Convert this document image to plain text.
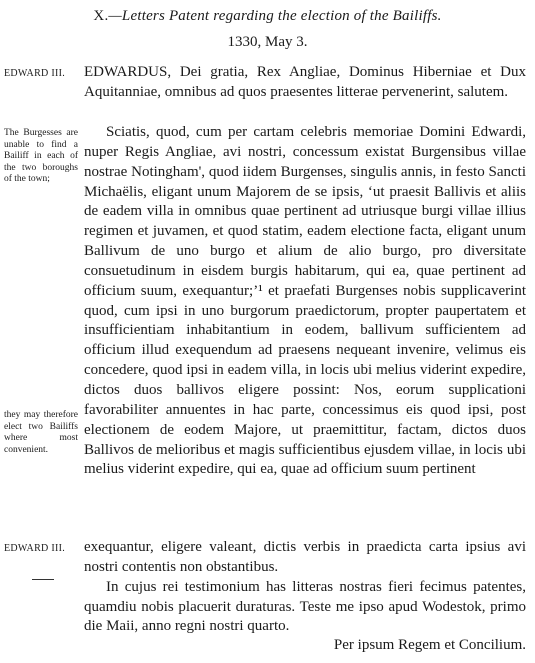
X.—Letters Patent regarding the election of the Bailiffs.
1330, May 3.
EDWARD III.
The Burgesses are unable to find a Bailiff in each of the two boroughs of the town;
they may therefore elect two Bailiffs where most convenient.
EDWARD III.

EDWARDUS, Dei gratia, Rex Angliae, Dominus Hiberniae et Dux Aquitanniae, omnibus ad quos praesentes litterae pervenerint, salutem.

Sciatis, quod, cum per cartam celebris memoriae Domini Edwardi, nuper Regis Angliae, avi nostri, concessum existat Burgensibus villae nostrae Notingham', quod iidem Burgenses, singulis annis, in festo Sancti Michaëlis, eligant unum Majorem de se ipsis, ‘ut praesit Ballivis et aliis de eadem villa in omnibus quae pertinent ad utriusque burgi villae illius regimen et juvamen, et quod statim, eadem electione facta, eligant unum Ballivum de uno burgo et alium de alio burgo, pro diversitate consuetudinum in eisdem burgis habitarum, qui ea, quae pertinent ad officium suum, exequantur;’¹ et praefati Burgenses nobis supplicaverint quod, cum ipsi in uno burgorum praedictorum, propter paupertatem et insufficientiam inhabitantium in eodem, ballivum sufficientem ad officium illud exequendum ad praesens nequeant invenire, velimus eis concedere, quod ipsi in eadem villa, in locis ubi melius viderint expedire, dictos duos ballivos eligere possint: Nos, eorum supplicationi favorabiliter annuentes in hac parte, concessimus eis quod ipsi, post electionem de eodem Majore, ut praemittitur, factam, dictos duos Ballivos de melioribus et magis sufficientibus ejusdem villae, in locis ubi melius viderint expedire, qui ea, quae ad officium suum pertinent

exequantur, eligere valeant, dictis verbis in praedicta carta ipsius avi nostri contentis non obstantibus.

In cujus rei testimonium has litteras nostras fieri fecimus patentes, quamdiu nobis placuerit duraturas. Teste me ipso apud Wodestok, primo die Maii, anno regni nostri quarto.

Per ipsum Regem et Concilium.
